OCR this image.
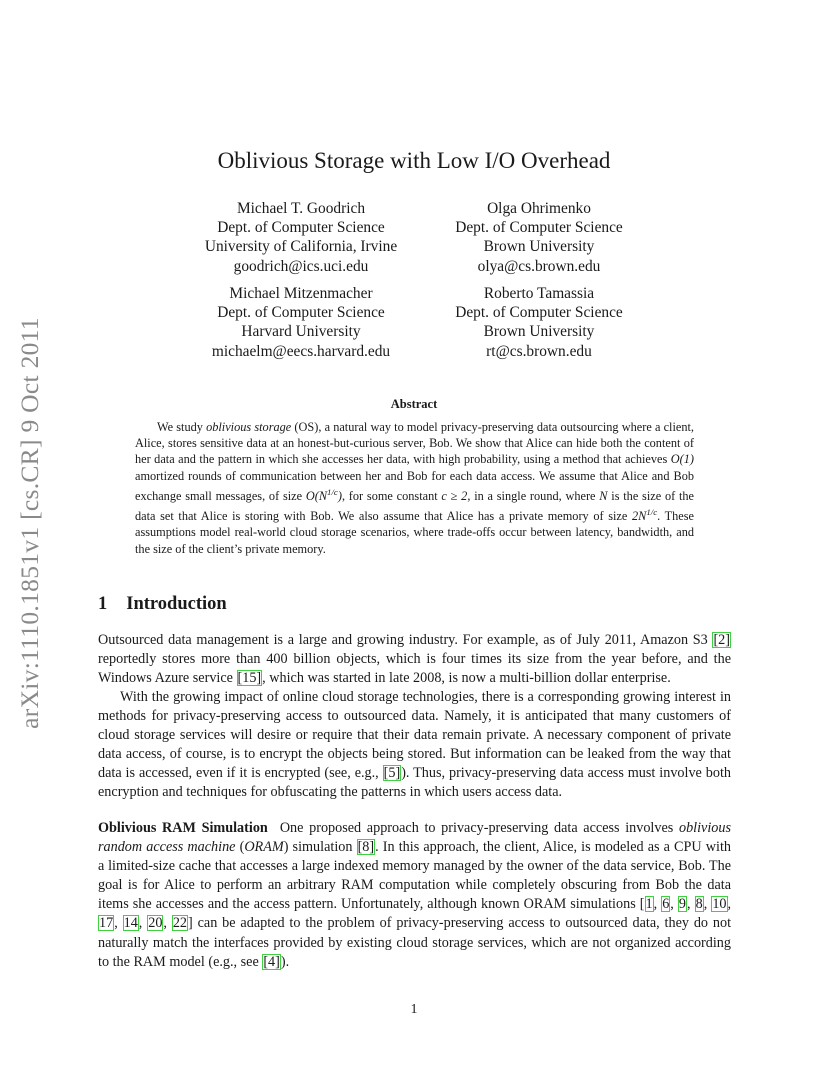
arXiv:1110.1851v1 [cs.CR] 9 Oct 2011
Oblivious Storage with Low I/O Overhead
Michael T. Goodrich
Dept. of Computer Science
University of California, Irvine
goodrich@ics.uci.edu
Olga Ohrimenko
Dept. of Computer Science
Brown University
olya@cs.brown.edu
Michael Mitzenmacher
Dept. of Computer Science
Harvard University
michaelm@eecs.harvard.edu
Roberto Tamassia
Dept. of Computer Science
Brown University
rt@cs.brown.edu
Abstract

We study oblivious storage (OS), a natural way to model privacy-preserving data outsourcing where a client, Alice, stores sensitive data at an honest-but-curious server, Bob. We show that Alice can hide both the content of her data and the pattern in which she accesses her data, with high probability, using a method that achieves O(1) amortized rounds of communication between her and Bob for each data access. We assume that Alice and Bob exchange small messages, of size $O(N^{1/c})$, for some constant c ≥ 2, in a single round, where N is the size of the data set that Alice is storing with Bob. We also assume that Alice has a private memory of size $2N^{1/c}$. These assumptions model real-world cloud storage scenarios, where trade-offs occur between latency, bandwidth, and the size of the client’s private memory.

1 Introduction

Outsourced data management is a large and growing industry. For example, as of July 2011, Amazon S3 [2] reportedly stores more than 400 billion objects, which is four times its size from the year before, and the Windows Azure service [15], which was started in late 2008, is now a multi-billion dollar enterprise.

With the growing impact of online cloud storage technologies, there is a corresponding growing interest in methods for privacy-preserving access to outsourced data. Namely, it is anticipated that many customers of cloud storage services will desire or require that their data remain private. A necessary component of private data access, of course, is to encrypt the objects being stored. But information can be leaked from the way that data is accessed, even if it is encrypted (see, e.g., [5]). Thus, privacy-preserving data access must involve both encryption and techniques for obfuscating the patterns in which users access data.

Oblivious RAM Simulation One proposed approach to privacy-preserving data access involves oblivious random access machine (ORAM) simulation [8]. In this approach, the client, Alice, is modeled as a CPU with a limited-size cache that accesses a large indexed memory managed by the owner of the data service, Bob. The goal is for Alice to perform an arbitrary RAM computation while completely obscuring from Bob the data items she accesses and the access pattern. Unfortunately, although known ORAM simulations [1, 6, 9, 8, 10, 17, 14, 20, 22] can be adapted to the problem of privacy-preserving access to outsourced data, they do not naturally match the interfaces provided by existing cloud storage services, which are not organized according to the RAM model (e.g., see [4]).

1
